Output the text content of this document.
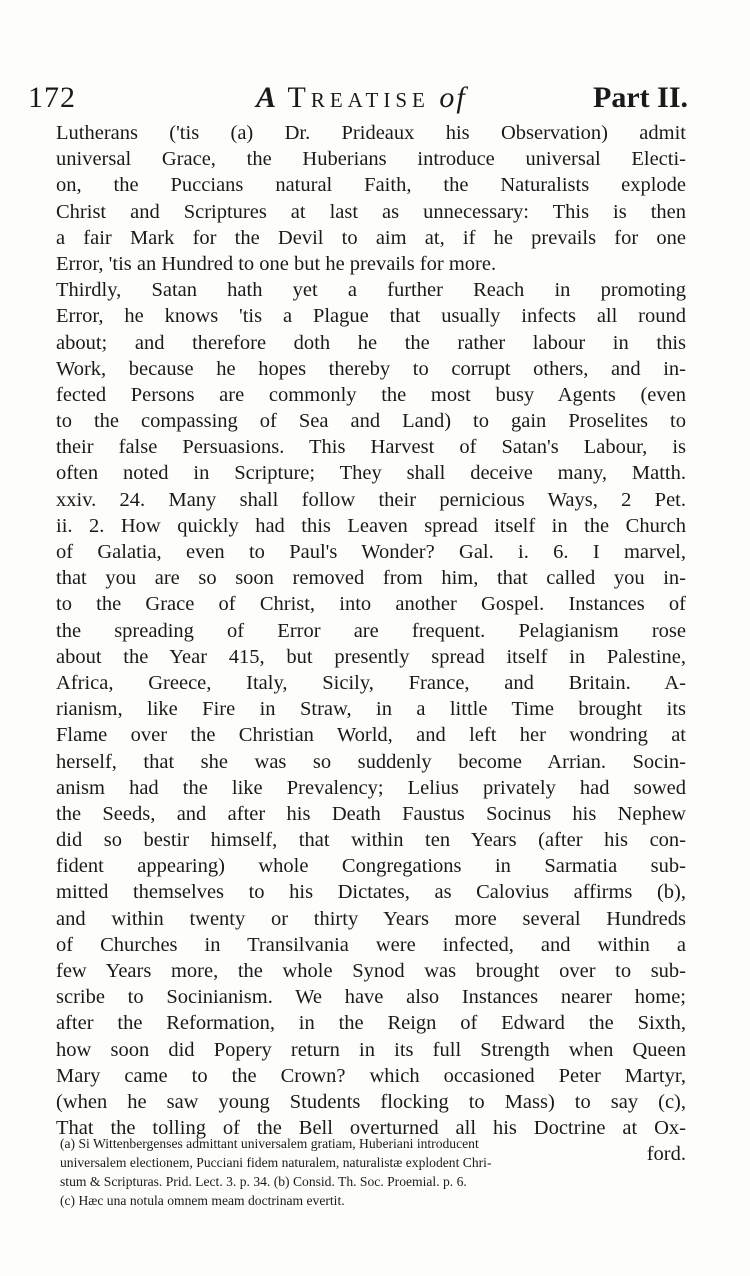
172	A Treatise of	Part II.
Lutherans ('tis (a) Dr. Prideaux his Observation) admit
universal Grace, the Huberians introduce universal Electi-
on, the Puccians natural Faith, the Naturalists explode
Christ and Scriptures at last as unnecessary: This is then
a fair Mark for the Devil to aim at, if he prevails for one
Error, 'tis an Hundred to one but he prevails for more.
Thirdly, Satan hath yet a further Reach in promoting
Error, he knows 'tis a Plague that usually infects all round
about; and therefore doth he the rather labour in this
Work, because he hopes thereby to corrupt others, and in-
fected Persons are commonly the most busy Agents (even
to the compassing of Sea and Land) to gain Proselites to
their false Persuasions. This Harvest of Satan's Labour, is
often noted in Scripture; They shall deceive many, Matth.
xxiv. 24. Many shall follow their pernicious Ways, 2 Pet.
ii. 2. How quickly had this Leaven spread itself in the Church
of Galatia, even to Paul's Wonder? Gal. i. 6. I marvel,
that you are so soon removed from him, that called you in-
to the Grace of Christ, into another Gospel. Instances of
the spreading of Error are frequent. Pelagianism rose
about the Year 415, but presently spread itself in Palestine,
Africa, Greece, Italy, Sicily, France, and Britain. A-
rianism, like Fire in Straw, in a little Time brought its
Flame over the Christian World, and left her wondring at
herself, that she was so suddenly become Arrian. Socin-
anism had the like Prevalency; Lelius privately had sowed
the Seeds, and after his Death Faustus Socinus his Nephew
did so bestir himself, that within ten Years (after his con-
fident appearing) whole Congregations in Sarmatia sub-
mitted themselves to his Dictates, as Calovius affirms (b),
and within twenty or thirty Years more several Hundreds
of Churches in Transilvania were infected, and within a
few Years more, the whole Synod was brought over to sub-
scribe to Socinianism. We have also Instances nearer home;
after the Reformation, in the Reign of Edward the Sixth,
how soon did Popery return in its full Strength when Queen
Mary came to the Crown? which occasioned Peter Martyr,
(when he saw young Students flocking to Mass) to say (c),
That the tolling of the Bell overturned all his Doctrine at Ox-
ford.
(a) Si Wittenbergenses admittant universalem gratiam, Huberiani introducent
universalem electionem, Pucciani fidem naturalem, naturalistæ explodent Chri-
stum & Scripturas. Prid. Lect. 3. p. 34. (b) Consid. Th. Soc. Proemial. p. 6.
(c) Hæc una notula omnem meam doctrinam evertit.
